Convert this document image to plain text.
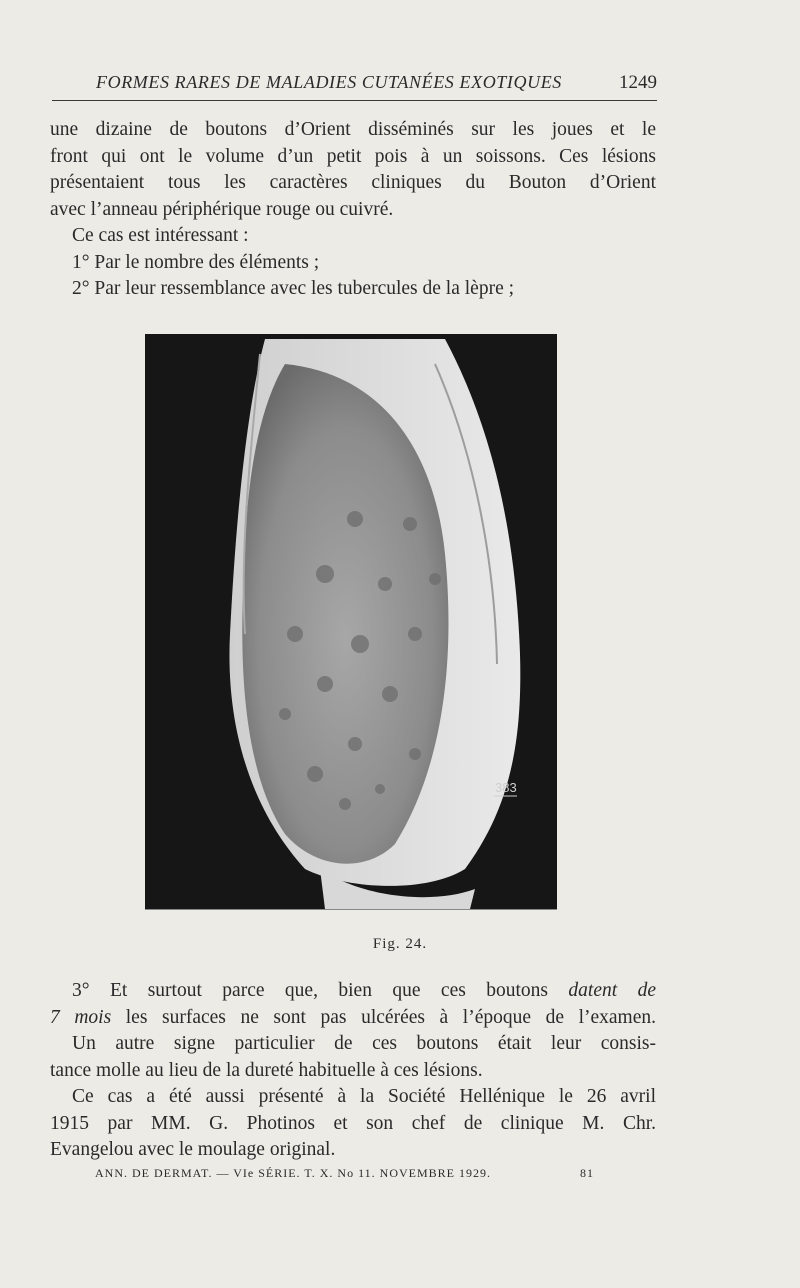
FORMES RARES DE MALADIES CUTANÉES EXOTIQUES	1249
une dizaine de boutons d’Orient disséminés sur les joues et le
front qui ont le volume d’un petit pois à un soissons. Ces lésions
présentaient tous les caractères cliniques du Bouton d’Orient
avec l’anneau périphérique rouge ou cuivré.
Ce cas est intéressant :
1° Par le nombre des éléments ;
2° Par leur ressemblance avec les tubercules de la lèpre ;
383
Fig. 24.
3° Et surtout parce que, bien que ces boutons datent de
7 mois les surfaces ne sont pas ulcérées à l’époque de l’examen.
Un autre signe particulier de ces boutons était leur consis-
tance molle au lieu de la dureté habituelle à ces lésions.
Ce cas a été aussi présenté à la Société Hellénique le 26 avril
1915 par MM. G. Photinos et son chef de clinique M. Chr.
Evangelou avec le moulage original.
ANN. DE DERMAT. — VIe SÉRIE. T. X. No 11. NOVEMBRE 1929.	81
